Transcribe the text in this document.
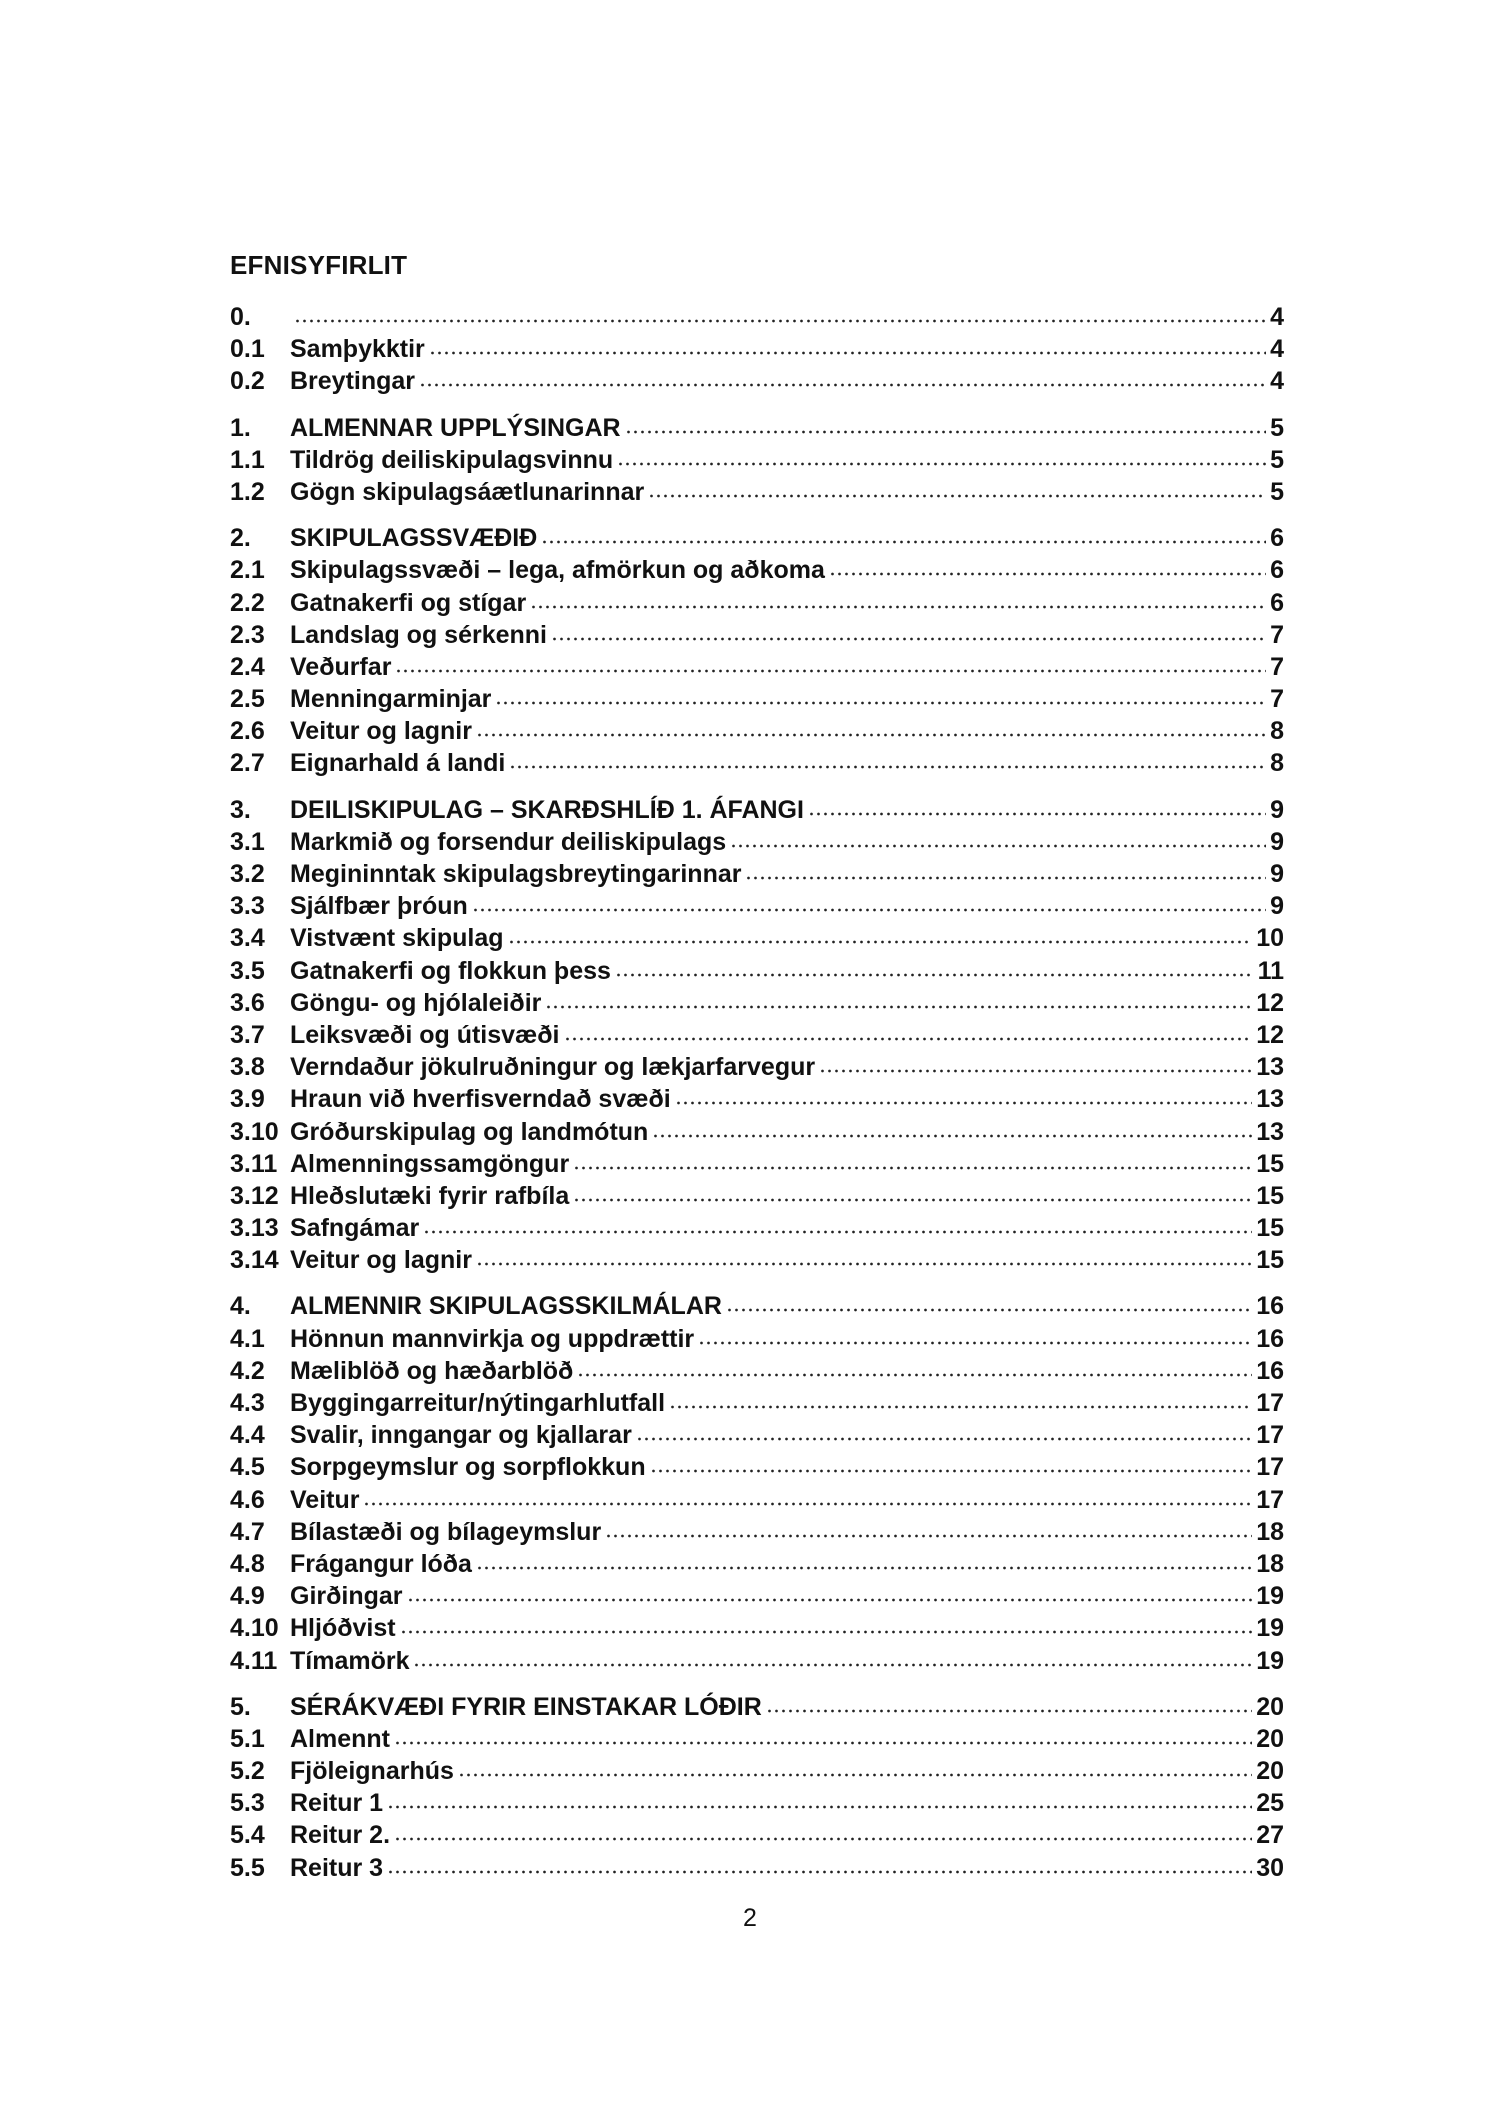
EFNISYFIRLIT
0.	4
0.1	Samþykktir	4
0.2	Breytingar	4
1.	ALMENNAR UPPLÝSINGAR	5
1.1	Tildrög deiliskipulagsvinnu	5
1.2	Gögn skipulagsáætlunarinnar	5
2.	SKIPULAGSSVÆÐIÐ	6
2.1	Skipulagssvæði – lega, afmörkun og aðkoma	6
2.2	Gatnakerfi og stígar	6
2.3	Landslag og sérkenni	7
2.4	Veðurfar	7
2.5	Menningarminjar	7
2.6	Veitur og lagnir	8
2.7	Eignarhald á landi	8
3.	DEILISKIPULAG – SKARÐSHLÍÐ 1. ÁFANGI	9
3.1	Markmið og forsendur deiliskipulags	9
3.2	Megininntak skipulagsbreytingarinnar	9
3.3	Sjálfbær þróun	9
3.4	Vistvænt skipulag	10
3.5	Gatnakerfi og flokkun þess	11
3.6	Göngu- og hjólaleiðir	12
3.7	Leiksvæði og útisvæði	12
3.8	Verndaður jökulruðningur og lækjarfarvegur	13
3.9	Hraun við hverfisverndað svæði	13
3.10 Gróðurskipulag og landmótun	13
3.11 Almenningssamgöngur	15
3.12 Hleðslutæki fyrir rafbíla	15
3.13 Safngámar	15
3.14 Veitur og lagnir	15
4.	ALMENNIR SKIPULAGSSKILMÁLAR	16
4.1	Hönnun mannvirkja og uppdrættir	16
4.2	Mæliblöð og hæðarblöð	16
4.3	Byggingarreitur/nýtingarhlutfall	17
4.4	Svalir, inngangar og kjallarar	17
4.5	Sorpgeymslur og sorpflokkun	17
4.6	Veitur	17
4.7	Bílastæði og bílageymslur	18
4.8	Frágangur lóða	18
4.9	Girðingar	19
4.10 Hljóðvist	19
4.11 Tímamörk	19
5.	SÉRÁKVÆÐI FYRIR EINSTAKAR LÓÐIR	20
5.1	Almennt	20
5.2	Fjöleignarhús	20
5.3	Reitur 1	25
5.4	Reitur 2.	27
5.5	Reitur 3	30
2
